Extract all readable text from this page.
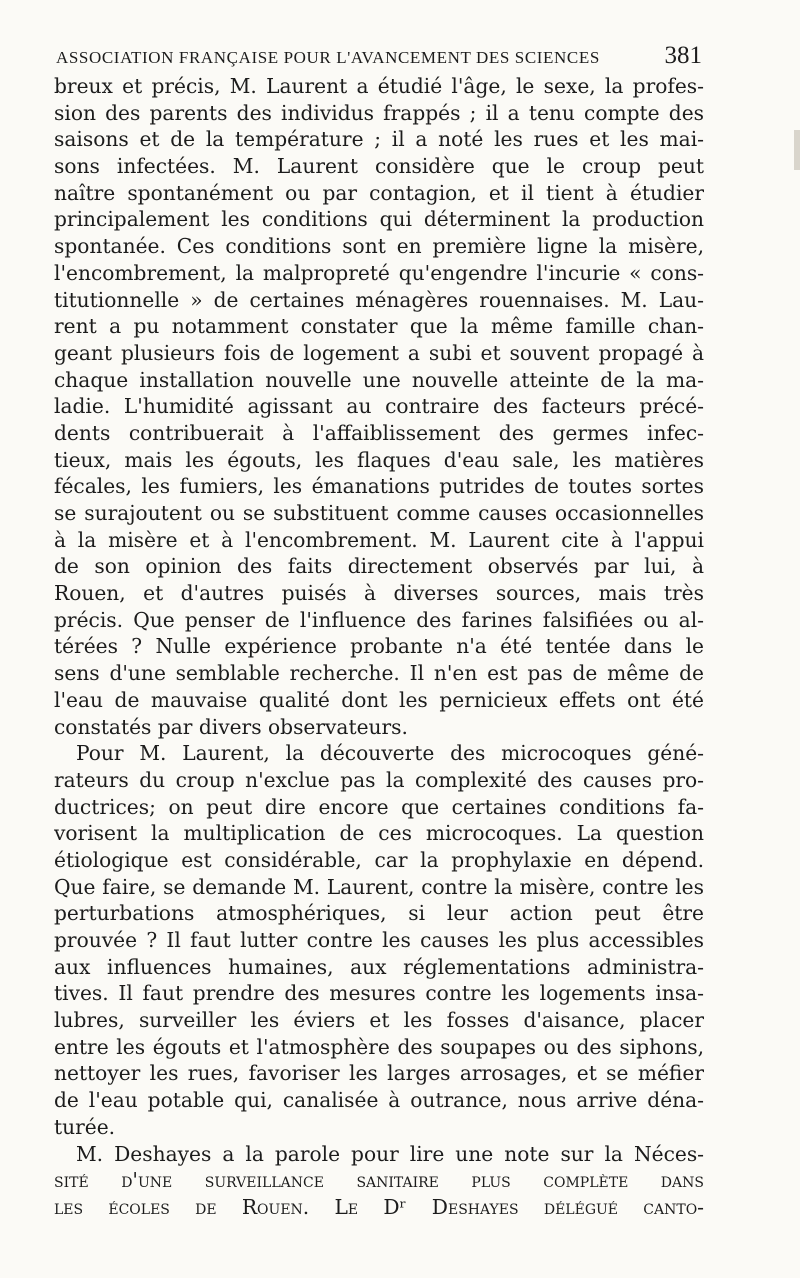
ASSOCIATION FRANÇAISE POUR L'AVANCEMENT DES SCIENCES	381
breux et précis, M. Laurent a étudié l'âge, le sexe, la profes-
sion des parents des individus frappés ; il a tenu compte des
saisons et de la température ; il a noté les rues et les mai-
sons infectées. M. Laurent considère que le croup peut
naître spontanément ou par contagion, et il tient à étudier
principalement les conditions qui déterminent la production
spontanée. Ces conditions sont en première ligne la misère,
l'encombrement, la malpropreté qu'engendre l'incurie « cons-
titutionnelle » de certaines ménagères rouennaises. M. Lau-
rent a pu notamment constater que la même famille chan-
geant plusieurs fois de logement a subi et souvent propagé à
chaque installation nouvelle une nouvelle atteinte de la ma-
ladie. L'humidité agissant au contraire des facteurs précé-
dents contribuerait à l'affaiblissement des germes infec-
tieux, mais les égouts, les flaques d'eau sale, les matières
fécales, les fumiers, les émanations putrides de toutes sortes
se surajoutent ou se substituent comme causes occasionnelles
à la misère et à l'encombrement. M. Laurent cite à l'appui
de son opinion des faits directement observés par lui, à
Rouen, et d'autres puisés à diverses sources, mais très
précis. Que penser de l'influence des farines falsifiées ou al-
térées ? Nulle expérience probante n'a été tentée dans le
sens d'une semblable recherche. Il n'en est pas de même de
l'eau de mauvaise qualité dont les pernicieux effets ont été
constatés par divers observateurs.
Pour M. Laurent, la découverte des microcoques géné-
rateurs du croup n'exclue pas la complexité des causes pro-
ductrices; on peut dire encore que certaines conditions fa-
vorisent la multiplication de ces microcoques. La question
étiologique est considérable, car la prophylaxie en dépend.
Que faire, se demande M. Laurent, contre la misère, contre les
perturbations atmosphériques, si leur action peut être
prouvée ? Il faut lutter contre les causes les plus accessibles
aux influences humaines, aux réglementations administra-
tives. Il faut prendre des mesures contre les logements insa-
lubres, surveiller les éviers et les fosses d'aisance, placer
entre les égouts et l'atmosphère des soupapes ou des siphons,
nettoyer les rues, favoriser les larges arrosages, et se méfier
de l'eau potable qui, canalisée à outrance, nous arrive déna-
turée.
M. Deshayes a la parole pour lire une note sur la Néces-
sité d'une surveillance sanitaire plus complète dans
les écoles de Rouen. Le Dʳ Deshayes délégué canto-
